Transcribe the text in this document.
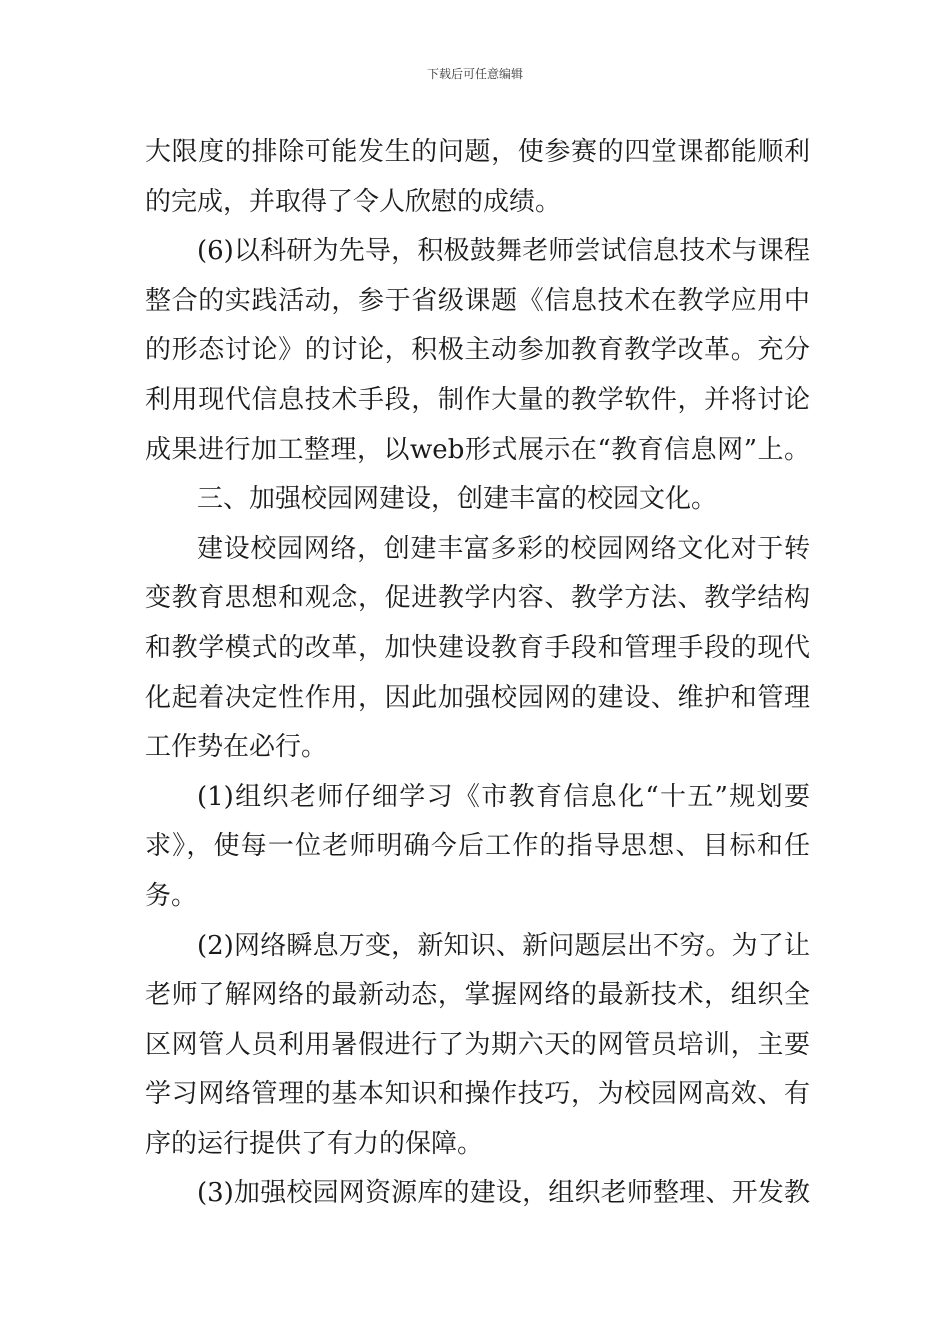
下载后可任意编辑
大限度的排除可能发生的问题，使参赛的四堂课都能顺利
的完成，并取得了令人欣慰的成绩。
(6)以科研为先导，积极鼓舞老师尝试信息技术与课程
整合的实践活动，参于省级课题《信息技术在教学应用中
的形态讨论》的讨论，积极主动参加教育教学改革。充分
利用现代信息技术手段，制作大量的教学软件，并将讨论
成果进行加工整理，以web形式展示在“教育信息网”上。
三、加强校园网建设，创建丰富的校园文化。
建设校园网络，创建丰富多彩的校园网络文化对于转
变教育思想和观念，促进教学内容、教学方法、教学结构
和教学模式的改革，加快建设教育手段和管理手段的现代
化起着决定性作用，因此加强校园网的建设、维护和管理
工作势在必行。
(1)组织老师仔细学习《市教育信息化“十五”规划要
求》，使每一位老师明确今后工作的指导思想、目标和任
务。
(2)网络瞬息万变，新知识、新问题层出不穷。为了让
老师了解网络的最新动态，掌握网络的最新技术，组织全
区网管人员利用暑假进行了为期六天的网管员培训，主要
学习网络管理的基本知识和操作技巧，为校园网高效、有
序的运行提供了有力的保障。
(3)加强校园网资源库的建设，组织老师整理、开发教
